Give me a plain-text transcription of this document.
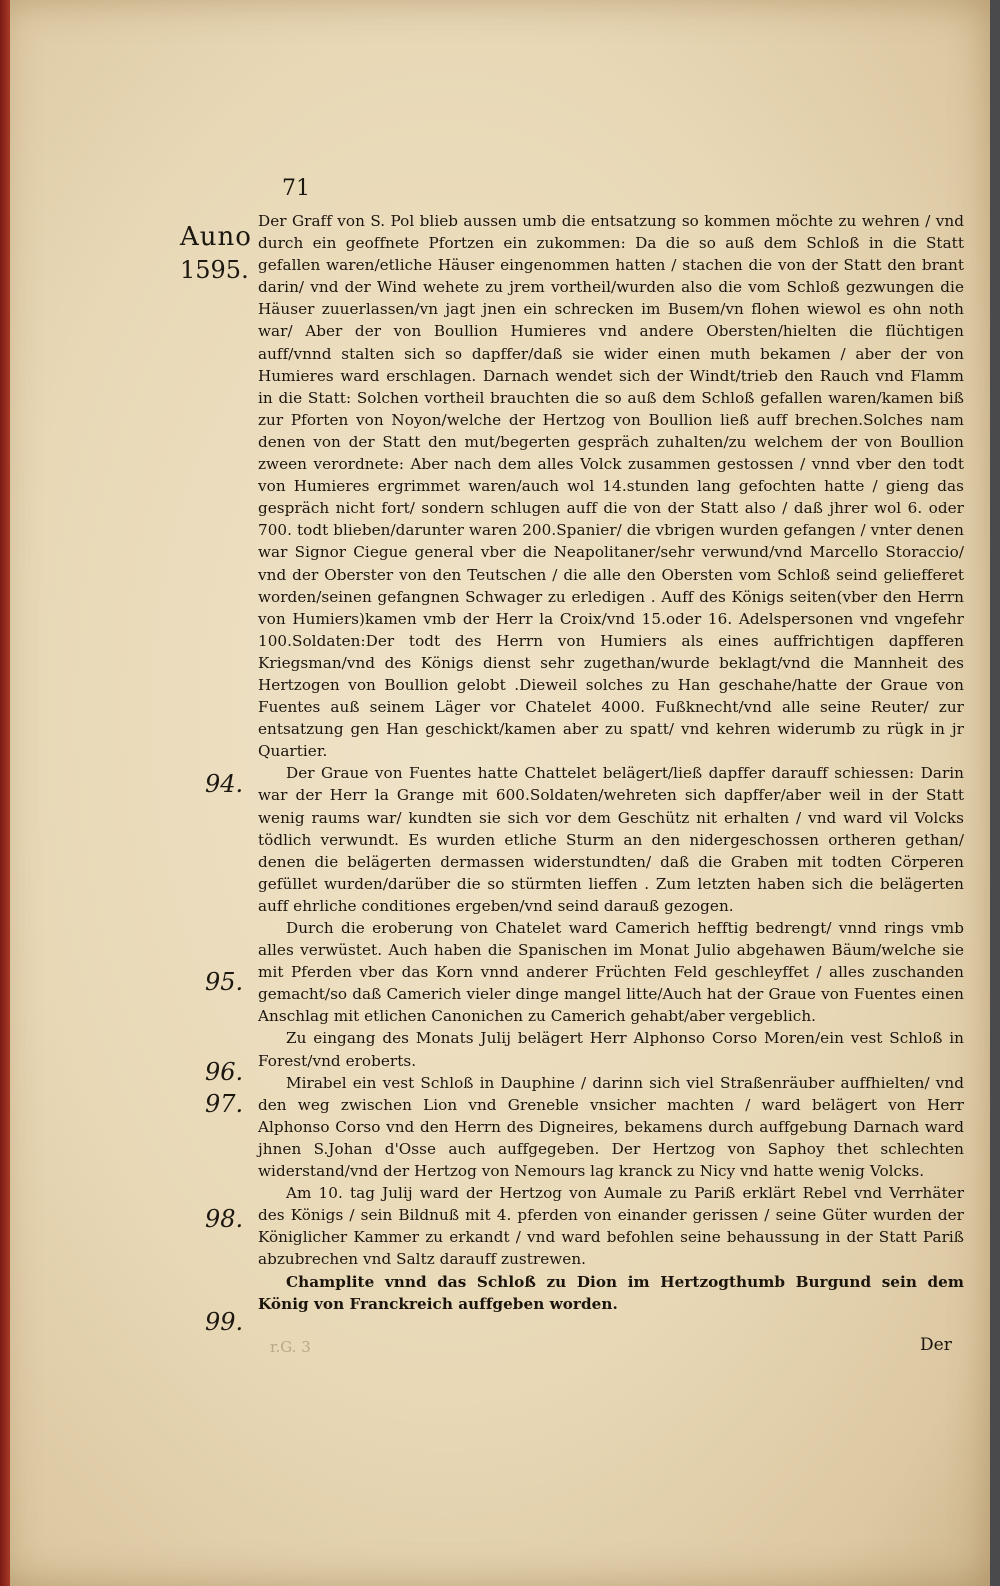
71
Auno
1595.
94.
95.
96.
97.
98.
99.

Der Graff von S. Pol blieb aussen umb die entsatzung so kommen möchte zu wehren / vnd durch ein geoffnete Pfortzen ein zukommen: Da die so auß dem Schloß in die Statt gefallen waren/etliche Häuser eingenommen hatten / stachen die von der Statt den brant darin/ vnd der Wind wehete zu jrem vortheil/wurden also die vom Schloß gezwungen die Häuser zuuerlassen/vn jagt jnen ein schrecken im Busem/vn flohen wiewol es ohn noth war/ Aber der von Boullion Humieres vnd andere Obersten/hielten die flüchtigen auff/vnnd stalten sich so dapffer/daß sie wider einen muth bekamen / aber der von Humieres ward erschlagen. Darnach wendet sich der Windt/trieb den Rauch vnd Flamm in die Statt: Solchen vortheil brauchten die so auß dem Schloß gefallen waren/kamen biß zur Pforten von Noyon/welche der Hertzog von Boullion ließ auff brechen.Solches nam denen von der Statt den mut/begerten gespräch zuhalten/zu welchem der von Boullion zween verordnete: Aber nach dem alles Volck zusammen gestossen / vnnd vber den todt von Humieres ergrimmet waren/auch wol 14.stunden lang gefochten hatte / gieng das gespräch nicht fort/ sondern schlugen auff die von der Statt also / daß jhrer wol 6. oder 700. todt blieben/darunter waren 200.Spanier/ die vbrigen wurden gefangen / vnter denen war Signor Ciegue general vber die Neapolitaner/sehr verwund/vnd Marcello Storaccio/ vnd der Oberster von den Teutschen / die alle den Obersten vom Schloß seind geliefferet worden/seinen gefangnen Schwager zu erledigen . Auff des Königs seiten(vber den Herrn von Humiers)kamen vmb der Herr la Croix/vnd 15.oder 16. Adelspersonen vnd vngefehr 100.Soldaten:Der todt des Herrn von Humiers als eines auffrichtigen dapfferen Kriegsman/vnd des Königs dienst sehr zugethan/wurde beklagt/vnd die Mannheit des Hertzogen von Boullion gelobt .Dieweil solches zu Han geschahe/hatte der Graue von Fuentes auß seinem Läger vor Chatelet 4000. Fußknecht/vnd alle seine Reuter/ zur entsatzung gen Han geschickt/kamen aber zu spatt/ vnd kehren widerumb zu rügk in jr Quartier.

Der Graue von Fuentes hatte Chattelet belägert/ließ dapffer darauff schiessen: Darin war der Herr la Grange mit 600.Soldaten/wehreten sich dapffer/aber weil in der Statt wenig raums war/ kundten sie sich vor dem Geschütz nit erhalten / vnd ward vil Volcks tödlich verwundt. Es wurden etliche Sturm an den nidergeschossen ortheren gethan/ denen die belägerten dermassen widerstundten/ daß die Graben mit todten Cörperen gefüllet wurden/darüber die so stürmten lieffen . Zum letzten haben sich die belägerten auff ehrliche conditiones ergeben/vnd seind darauß gezogen.

Durch die eroberung von Chatelet ward Camerich hefftig bedrengt/ vnnd rings vmb alles verwüstet. Auch haben die Spanischen im Monat Julio abgehawen Bäum/welche sie mit Pferden vber das Korn vnnd anderer Früchten Feld geschleyffet / alles zuschanden gemacht/so daß Camerich vieler dinge mangel litte/Auch hat der Graue von Fuentes einen Anschlag mit etlichen Canonichen zu Camerich gehabt/aber vergeblich.

Zu eingang des Monats Julij belägert Herr Alphonso Corso Moren/ein vest Schloß in Forest/vnd eroberts.

Mirabel ein vest Schloß in Dauphine / darinn sich viel Straßenräuber auffhielten/ vnd den weg zwischen Lion vnd Greneble vnsicher machten / ward belägert von Herr Alphonso Corso vnd den Herrn des Digneires, bekamens durch auffgebung Darnach ward jhnen S.Johan d'Osse auch auffgegeben. Der Hertzog von Saphoy thet schlechten widerstand/vnd der Hertzog von Nemours lag kranck zu Nicy vnd hatte wenig Volcks.

Am 10. tag Julij ward der Hertzog von Aumale zu Pariß erklärt Rebel vnd Verrhäter des Königs / sein Bildnuß mit 4. pferden von einander gerissen / seine Güter wurden der Königlicher Kammer zu erkandt / vnd ward befohlen seine behaussung in der Statt Pariß abzubrechen vnd Saltz darauff zustrewen.

Champlite vnnd das Schloß zu Dion im Hertzogthumb Burgund sein dem König von Franckreich auffgeben worden.

r.G. 3	Der
